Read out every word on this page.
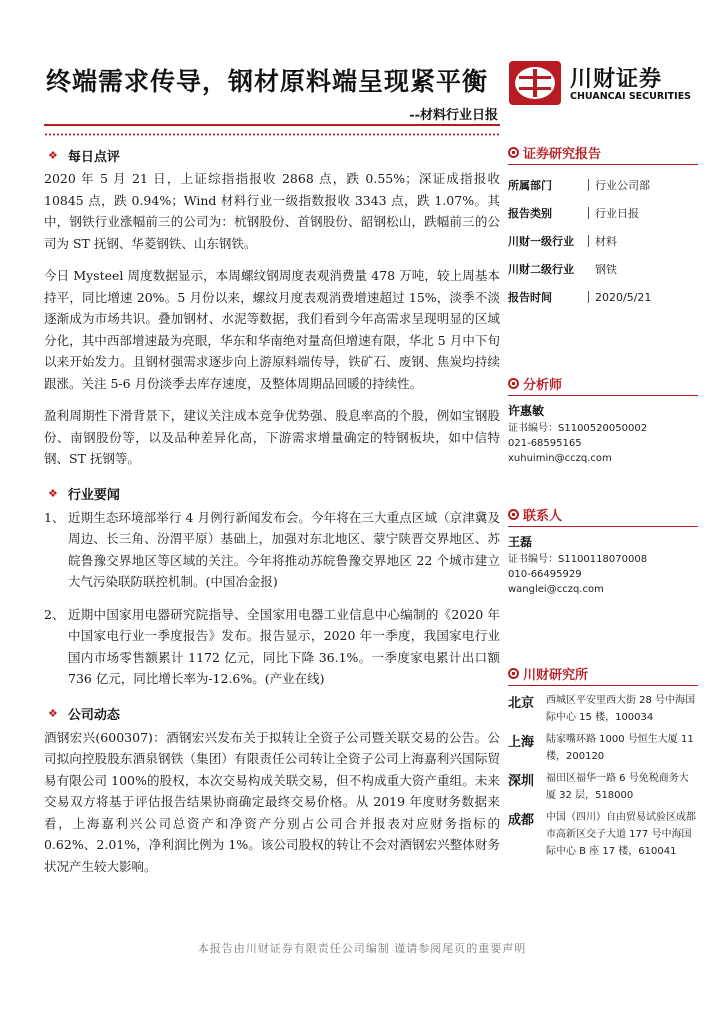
终端需求传导，钢材原料端呈现紧平衡
--材料行业日报
川财证券
CHUANCAI SECURITIES
❖ 每日点评

2020 年 5 月 21 日，上证综指指报收 2868 点，跌 0.55%；深证成指报收 10845 点，跌 0.94%；Wind 材料行业一级指数报收 3343 点，跌 1.07%。其中，钢铁行业涨幅前三的公司为：杭钢股份、首钢股份、韶钢松山，跌幅前三的公司为 ST 抚钢、华菱钢铁、山东钢铁。

今日 Mysteel 周度数据显示，本周螺纹钢周度表观消费量 478 万吨，较上周基本持平，同比增速 20%。5 月份以来，螺纹月度表观消费增速超过 15%，淡季不淡逐渐成为市场共识。叠加钢材、水泥等数据，我们看到今年高需求呈现明显的区域分化，其中西部增速最为亮眼，华东和华南绝对量高但增速有限，华北 5 月中下旬以来开始发力。且钢材强需求逐步向上游原料端传导，铁矿石、废钢、焦炭均持续跟涨。关注 5-6 月份淡季去库存速度，及整体周期品回暖的持续性。

盈利周期性下滑背景下，建议关注成本竞争优势强、股息率高的个股，例如宝钢股份、南钢股份等，以及品种差异化高，下游需求增量确定的特钢板块，如中信特钢、ST 抚钢等。

❖ 行业要闻
1、 近期生态环境部举行 4 月例行新闻发布会。今年将在三大重点区域（京津冀及周边、长三角、汾渭平原）基础上，加强对东北地区、蒙宁陕晋交界地区、苏皖鲁豫交界地区等区域的关注。今年将推动苏皖鲁豫交界地区 22 个城市建立大气污染联防联控机制。(中国冶金报)
2、 近期中国家用电器研究院指导、全国家用电器工业信息中心编制的《2020 年中国家电行业一季度报告》发布。报告显示，2020 年一季度，我国家电行业国内市场零售额累计 1172 亿元，同比下降 36.1%。一季度家电累计出口额 736 亿元，同比增长率为-12.6%。(产业在线)
❖ 公司动态

酒钢宏兴(600307)：酒钢宏兴发布关于拟转让全资子公司暨关联交易的公告。公司拟向控股股东酒泉钢铁（集团）有限责任公司转让全资子公司上海嘉利兴国际贸易有限公司 100%的股权，本次交易构成关联交易，但不构成重大资产重组。未来交易双方将基于评估报告结果协商确定最终交易价格。从 2019 年度财务数据来看，上海嘉利兴公司总资产和净资产分别占公司合并报表对应财务指标的 0.62%、2.01%，净利润比例为 1%。该公司股权的转让不会对酒钢宏兴整体财务状况产生较大影响。

证券研究报告
所属部门	行业公司部
报告类别	行业日报
川财一级行业	材料
川财二级行业	钢铁
报告时间	2020/5/21
分析师
许惠敏
证书编号：S1100520050002
021-68595165
xuhuimin@cczq.com
联系人
王磊
证书编号：S1100118070008
010-66495929
wanglei@cczq.com
川财研究所
北京	西城区平安里西大街 28 号中海国际中心 15 楼，100034
上海	陆家嘴环路 1000 号恒生大厦 11 楼，200120
深圳	福田区福华一路 6 号免税商务大厦 32 层，518000
成都	中国（四川）自由贸易试验区成都市高新区交子大道 177 号中海国际中心 B 座 17 楼，610041
本报告由川财证券有限责任公司编制 谨请参阅尾页的重要声明
